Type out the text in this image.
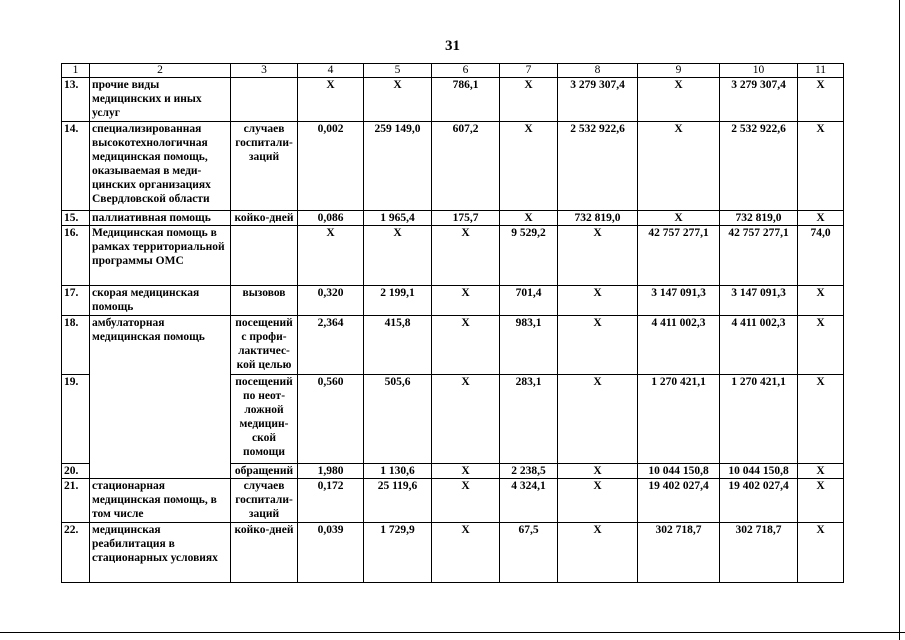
31
1	2	3	4	5	6	7	8	9	10	11
13.	прочие виды медицинских и иных услуг		X	X	786,1	X	3 279 307,4	X	3 279 307,4	X
14.	специализированная высокотехнологичная медицинская помощь, оказываемая в меди-цинских организациях Свердловской области	случаев госпитали-заций	0,002	259 149,0	607,2	X	2 532 922,6	X	2 532 922,6	X
15.	паллиативная помощь	койко-дней	0,086	1 965,4	175,7	X	732 819,0	X	732 819,0	X
16.	Медицинская помощь в рамках территориальной программы ОМС		X	X	X	9 529,2	X	42 757 277,1	42 757 277,1	74,0
17.	скорая медицинская помощь	вызовов	0,320	2 199,1	X	701,4	X	3 147 091,3	3 147 091,3	X
18.	амбулаторная медицинская помощь	посещений с профи-лактичес-кой целью	2,364	415,8	X	983,1	X	4 411 002,3	4 411 002,3	X
19.		посещений по неот-ложной медицин-ской помощи	0,560	505,6	X	283,1	X	1 270 421,1	1 270 421,1	X
20.		обращений	1,980	1 130,6	X	2 238,5	X	10 044 150,8	10 044 150,8	X
21.	стационарная медицинская помощь, в том числе	случаев госпитали-заций	0,172	25 119,6	X	4 324,1	X	19 402 027,4	19 402 027,4	X
22.	медицинская реабилитация в стационарных условиях	койко-дней	0,039	1 729,9	X	67,5	X	302 718,7	302 718,7	X
